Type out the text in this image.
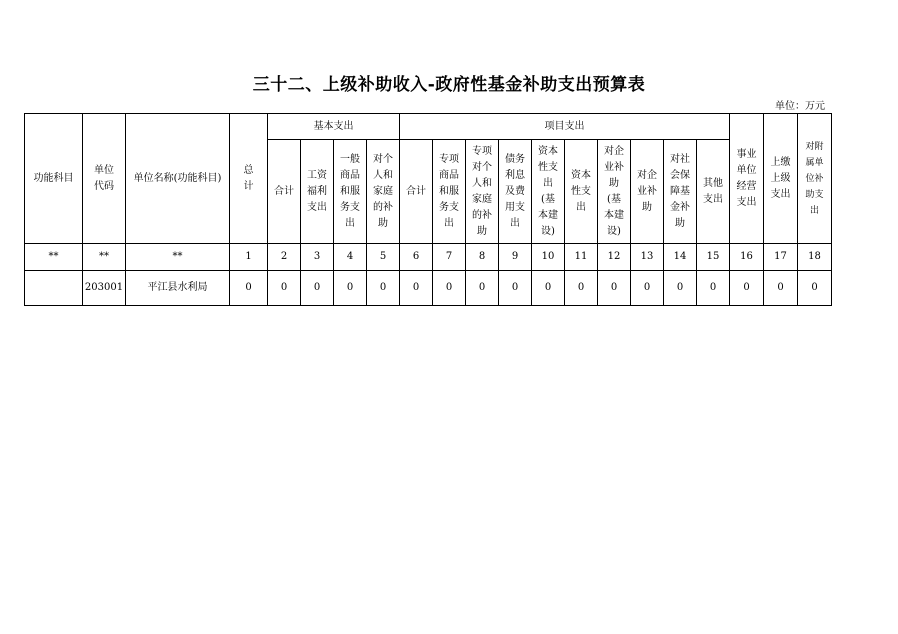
三十二、上级补助收入-政府性基金补助支出预算表
单位：万元
功能科目	单位代码	单位名称(功能科目)	总计	基本支出				项目支出										事业单位经营支出	上缴上级支出	对附属单位补助支出
				合计	工资福利支出	一般商品和服务支出	对个人和家庭的补助	合计	专项商品和服务支出	专项对个人和家庭的补助	债务利息及费用支出	资本性支出(基本建设)	资本性支出	对企业补助(基本建设)	对企业补助	对社会保障基金补助	其他支出			
**	**	**	1	2	3	4	5	6	7	8	9	10	11	12	13	14	15	16	17	18
	203001	平江县水利局	0	0	0	0	0	0	0	0	0	0	0	0	0	0	0	0	0	0
